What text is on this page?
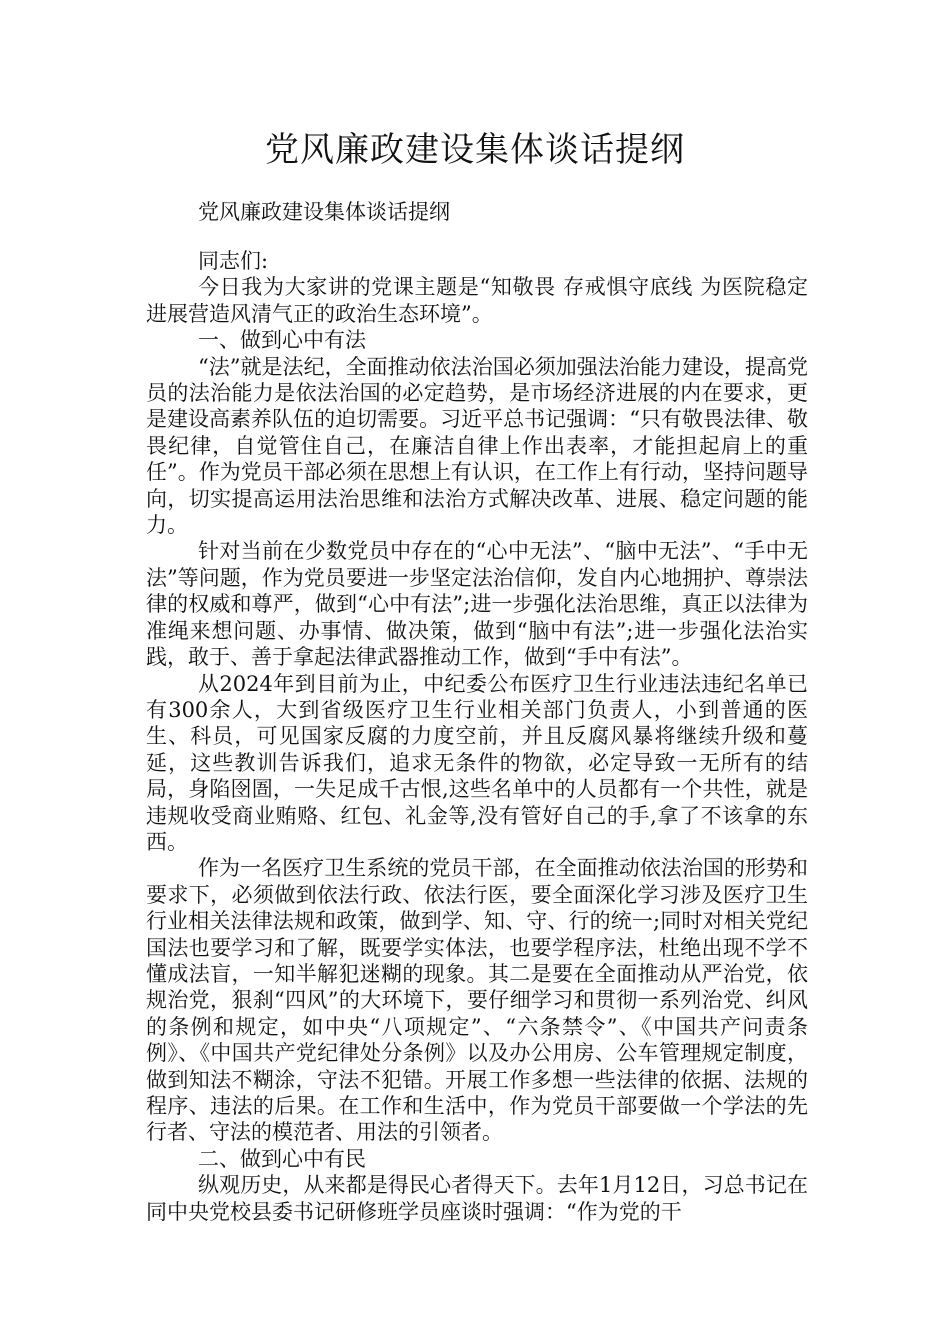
党风廉政建设集体谈话提纲
党风廉政建设集体谈话提纲

同志们:

今日我为大家讲的党课主题是“知敬畏 存戒惧守底线 为医院稳定进展营造风清气正的政治生态环境”。

一、做到心中有法

“法”就是法纪，全面推动依法治国必须加强法治能力建设，提高党员的法治能力是依法治国的必定趋势，是市场经济进展的内在要求，更是建设高素养队伍的迫切需要。习近平总书记强调：“只有敬畏法律、敬畏纪律，自觉管住自己，在廉洁自律上作出表率，才能担起肩上的重任”。作为党员干部必须在思想上有认识，在工作上有行动，坚持问题导向，切实提高运用法治思维和法治方式解决改革、进展、稳定问题的能力。

针对当前在少数党员中存在的“心中无法”、“脑中无法”、“手中无法”等问题，作为党员要进一步坚定法治信仰，发自内心地拥护、尊崇法律的权威和尊严，做到“心中有法”;进一步强化法治思维，真正以法律为准绳来想问题、办事情、做决策，做到“脑中有法”;进一步强化法治实践，敢于、善于拿起法律武器推动工作，做到“手中有法”。

从2024年到目前为止，中纪委公布医疗卫生行业违法违纪名单已有300余人，大到省级医疗卫生行业相关部门负责人，小到普通的医生、科员，可见国家反腐的力度空前，并且反腐风暴将继续升级和蔓延，这些教训告诉我们，追求无条件的物欲，必定导致一无所有的结局，身陷囹圄，一失足成千古恨,这些名单中的人员都有一个共性，就是违规收受商业贿赂、红包、礼金等,没有管好自己的手,拿了不该拿的东西。

作为一名医疗卫生系统的党员干部，在全面推动依法治国的形势和要求下，必须做到依法行政、依法行医，要全面深化学习涉及医疗卫生行业相关法律法规和政策，做到学、知、守、行的统一;同时对相关党纪国法也要学习和了解，既要学实体法，也要学程序法，杜绝出现不学不懂成法盲，一知半解犯迷糊的现象。其二是要在全面推动从严治党，依规治党，狠刹“四风”的大环境下，要仔细学习和贯彻一系列治党、纠风的条例和规定，如中央“八项规定”、“六条禁令”、《中国共产问责条例》、《中国共产党纪律处分条例》以及办公用房、公车管理规定制度，做到知法不糊涂，守法不犯错。开展工作多想一些法律的依据、法规的程序、违法的后果。在工作和生活中，作为党员干部要做一个学法的先行者、守法的模范者、用法的引领者。

二、做到心中有民

纵观历史，从来都是得民心者得天下。去年1月12日，习总书记在同中央党校县委书记研修班学员座谈时强调：“作为党的干
